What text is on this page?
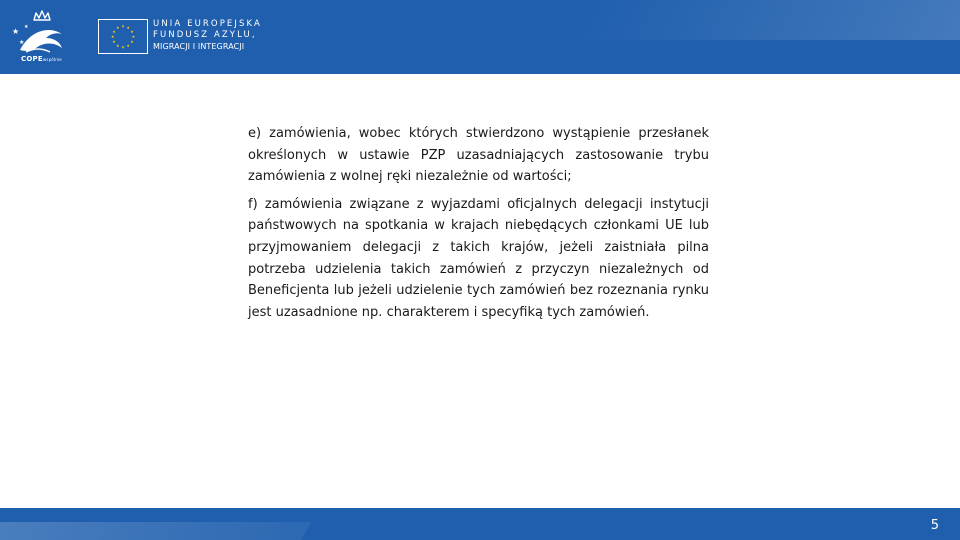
★
★
★
COPEwspólnie
★ ★
★
★
★
★
★
★
★
★
★
★	UNIA EUROPEJSKA
FUNDUSZ AZYLU,
MIGRACJI I INTEGRACJI

e) zamówienia, wobec których stwierdzono wystąpienie przesłanek określonych w ustawie PZP uzasadniających zastosowanie trybu zamówienia z wolnej ręki niezależnie od wartości;

f) zamówienia związane z wyjazdami oficjalnych delegacji instytucji państwowych na spotkania w krajach niebędących członkami UE lub przyjmowaniem delegacji z takich krajów, jeżeli zaistniała pilna potrzeba udzielenia takich zamówień z przyczyn niezależnych od Beneficjenta lub jeżeli udzielenie tych zamówień bez rozeznania rynku jest uzasadnione np. charakterem i specyfiką tych zamówień.

5
